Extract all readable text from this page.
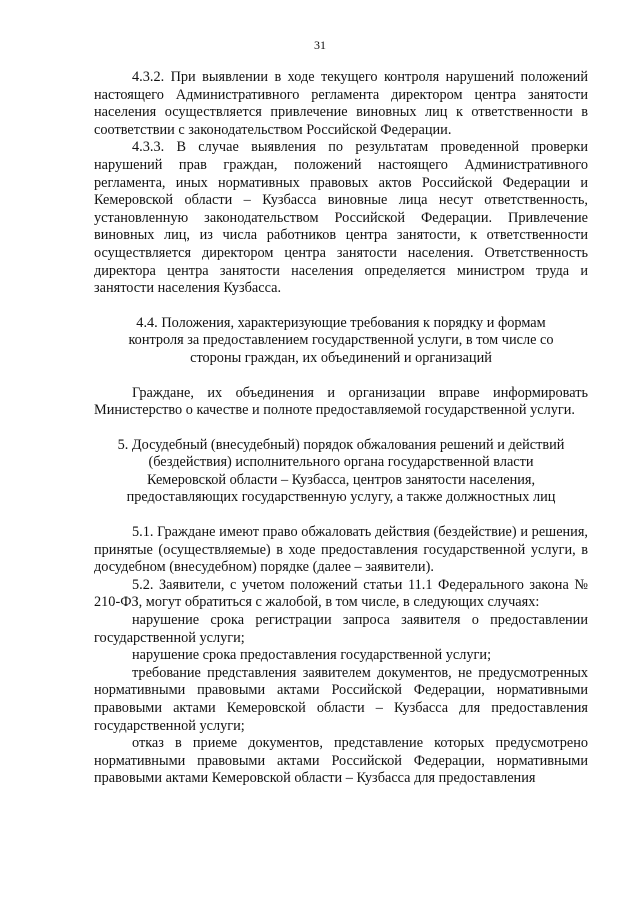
31

4.3.2. При выявлении в ходе текущего контроля нарушений положений настоящего Административного регламента директором центра занятости населения осуществляется привлечение виновных лиц к ответственности в соответствии с законодательством Российской Федерации.

4.3.3. В случае выявления по результатам проведенной проверки нарушений прав граждан, положений настоящего Административного регламента, иных нормативных правовых актов Российской Федерации и Кемеровской области – Кузбасса виновные лица несут ответственность, установленную законодательством Российской Федерации. Привлечение виновных лиц, из числа работников центра занятости, к ответственности осуществляется директором центра занятости населения. Ответственность директора центра занятости населения определяется министром труда и занятости населения Кузбасса.

4.4. Положения, характеризующие требования к порядку и формам контроля за предоставлением государственной услуги, в том числе со стороны граждан, их объединений и организаций

Граждане, их объединения и организации вправе информировать Министерство о качестве и полноте предоставляемой государственной услуги.

5. Досудебный (внесудебный) порядок обжалования решений и действий (бездействия) исполнительного органа государственной власти Кемеровской области – Кузбасса, центров занятости населения, предоставляющих государственную услугу, а также должностных лиц

5.1. Граждане имеют право обжаловать действия (бездействие) и решения, принятые (осуществляемые) в ходе предоставления государственной услуги, в досудебном (внесудебном) порядке (далее – заявители).

5.2. Заявители, с учетом положений статьи 11.1 Федерального закона № 210-ФЗ, могут обратиться с жалобой, в том числе, в следующих случаях:

нарушение срока регистрации запроса заявителя о предоставлении государственной услуги;

нарушение срока предоставления государственной услуги;

требование представления заявителем документов, не предусмотренных нормативными правовыми актами Российской Федерации, нормативными правовыми актами Кемеровской области – Кузбасса для предоставления государственной услуги;

отказ в приеме документов, представление которых предусмотрено нормативными правовыми актами Российской Федерации, нормативными правовыми актами Кемеровской области – Кузбасса для предоставления
